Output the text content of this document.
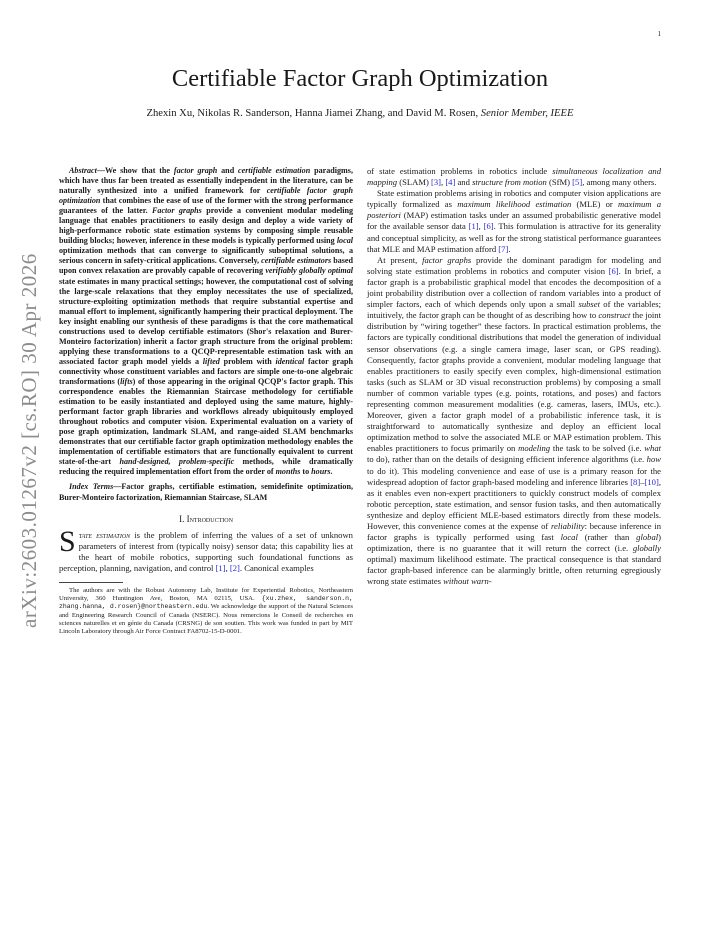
1
arXiv:2603.01267v2 [cs.RO] 30 Apr 2026
Certifiable Factor Graph Optimization
Zhexin Xu, Nikolas R. Sanderson, Hanna Jiamei Zhang, and David M. Rosen, Senior Member, IEEE

Abstract—We show that the factor graph and certifiable estimation paradigms, which have thus far been treated as essentially independent in the literature, can be naturally synthesized into a unified framework for certifiable factor graph optimization that combines the ease of use of the former with the strong performance guarantees of the latter. Factor graphs provide a convenient modular modeling language that enables practitioners to easily design and deploy a wide variety of high-performance robotic state estimation systems by composing simple reusable building blocks; however, inference in these models is typically performed using local optimization methods that can converge to significantly suboptimal solutions, a serious concern in safety-critical applications. Conversely, certifiable estimators based upon convex relaxation are provably capable of recovering verifiably globally optimal state estimates in many practical settings; however, the computational cost of solving the large-scale relaxations that they employ necessitates the use of specialized, structure-exploiting optimization methods that require substantial expertise and manual effort to implement, significantly hampering their practical deployment. The key insight enabling our synthesis of these paradigms is that the core mathematical constructions used to develop certifiable estimators (Shor's relaxation and Burer-Monteiro factorization) inherit a factor graph structure from the original problem: applying these transformations to a QCQP-representable estimation task with an associated factor graph model yields a lifted problem with identical factor graph connectivity whose constituent variables and factors are simple one-to-one algebraic transformations (lifts) of those appearing in the original QCQP's factor graph. This correspondence enables the Riemannian Staircase methodology for certifiable estimation to be easily instantiated and deployed using the same mature, highly-performant factor graph libraries and workflows already ubiquitously employed throughout robotics and computer vision. Experimental evaluation on a variety of pose graph optimization, landmark SLAM, and range-aided SLAM benchmarks demonstrates that our certifiable factor graph optimization methodology enables the implementation of certifiable estimators that are functionally equivalent to current state-of-the-art hand-designed, problem-specific methods, while dramatically reducing the required implementation effort from the order of months to hours.

Index Terms—Factor graphs, certifiable estimation, semidefinite optimization, Burer-Monteiro factorization, Riemannian Staircase, SLAM

I. Introduction

State estimation is the problem of inferring the values of a set of unknown parameters of interest from (typically noisy) sensor data; this capability lies at the heart of mobile robotics, supporting such foundational functions as perception, planning, navigation, and control [1], [2]. Canonical examples

The authors are with the Robust Autonomy Lab, Institute for Experiential Robotics, Northeastern University, 360 Huntington Ave, Boston, MA 02115, USA. {xu.zhex, sanderson.n, zhang.hanna, d.rosen}@northeastern.edu. We acknowledge the support of the Natural Sciences and Engineering Research Council of Canada (NSERC). Nous remercions le Conseil de recherches en sciences naturelles et en génie du Canada (CRSNG) de son soutien. This work was funded in part by MIT Lincoln Laboratory through Air Force Contract FA8702-15-D-0001.

of state estimation problems in robotics include simultaneous localization and mapping (SLAM) [3], [4] and structure from motion (SfM) [5], among many others.

State estimation problems arising in robotics and computer vision applications are typically formalized as maximum likelihood estimation (MLE) or maximum a posteriori (MAP) estimation tasks under an assumed probabilistic generative model for the available sensor data [1], [6]. This formulation is attractive for its generality and conceptual simplicity, as well as for the strong statistical performance guarantees that MLE and MAP estimation afford [7].

At present, factor graphs provide the dominant paradigm for modeling and solving state estimation problems in robotics and computer vision [6]. In brief, a factor graph is a probabilistic graphical model that encodes the decomposition of a joint probability distribution over a collection of random variables into a product of simpler factors, each of which depends only upon a small subset of the variables; intuitively, the factor graph can be thought of as describing how to construct the joint distribution by “wiring together” these factors. In practical estimation problems, the factors are typically conditional distributions that model the generation of individual sensor observations (e.g. a single camera image, laser scan, or GPS reading). Consequently, factor graphs provide a convenient, modular modeling language that enables practitioners to easily specify even complex, high-dimensional estimation tasks (such as SLAM or 3D visual reconstruction problems) by composing a small number of common variable types (e.g. points, rotations, and poses) and factors representing common measurement modalities (e.g. cameras, lasers, IMUs, etc.). Moreover, given a factor graph model of a probabilistic inference task, it is straightforward to automatically synthesize and deploy an efficient local optimization method to solve the associated MLE or MAP estimation problem. This enables practitioners to focus primarily on modeling the task to be solved (i.e. what to do), rather than on the details of designing efficient inference algorithms (i.e. how to do it). This modeling convenience and ease of use is a primary reason for the widespread adoption of factor graph-based modeling and inference libraries [8]–[10], as it enables even non-expert practitioners to quickly construct models of complex robotic perception, state estimation, and sensor fusion tasks, and then automatically synthesize and deploy efficient MLE-based estimators directly from these models. However, this convenience comes at the expense of reliability: because inference in factor graphs is typically performed using fast local (rather than global) optimization, there is no guarantee that it will return the correct (i.e. globally optimal) maximum likelihood estimate. The practical consequence is that standard factor graph-based inference can be alarmingly brittle, often returning egregiously wrong state estimates without warn-
